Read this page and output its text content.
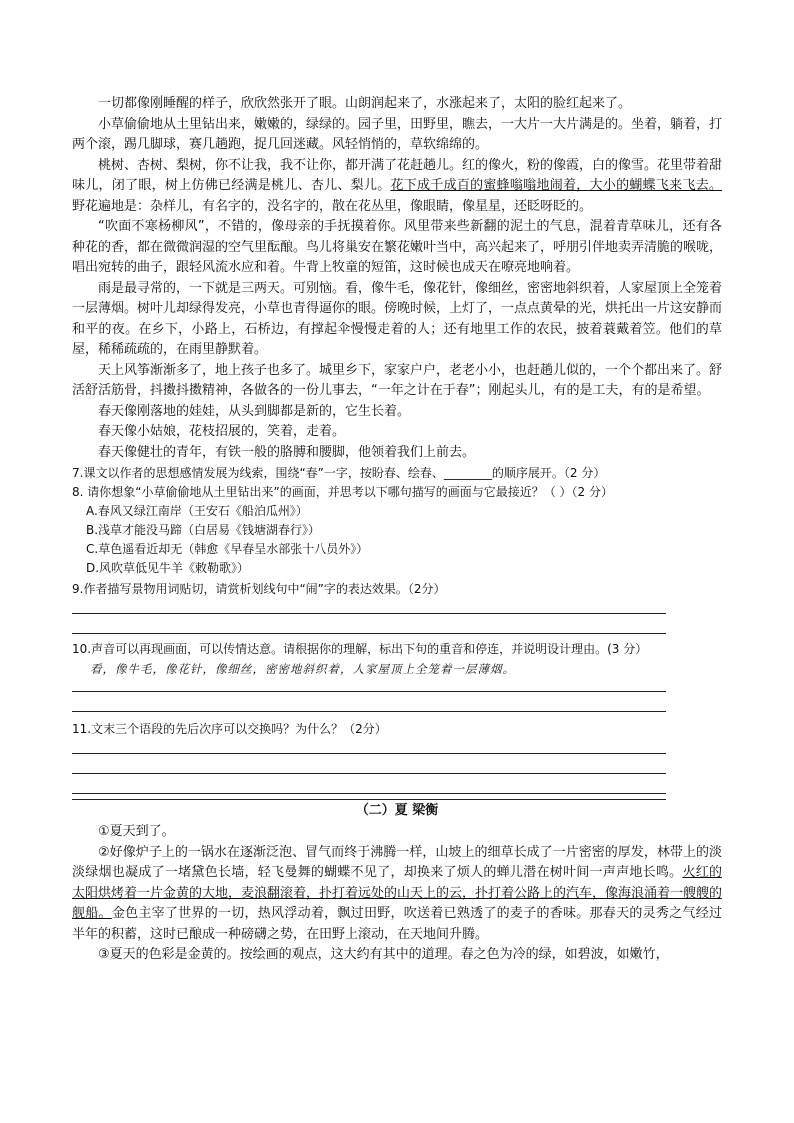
一切都像刚睡醒的样子，欣欣然张开了眼。山朗润起来了，水涨起来了，太阳的脸红起来了。

小草偷偷地从土里钻出来，嫩嫩的，绿绿的。园子里，田野里，瞧去，一大片一大片满是的。坐着，躺着，打两个滚，踢几脚球，赛几趟跑，捉几回迷藏。风轻悄悄的，草软绵绵的。

桃树、杏树、梨树，你不让我，我不让你，都开满了花赶趟儿。红的像火，粉的像霞，白的像雪。花里带着甜味儿，闭了眼，树上仿佛已经满是桃儿、杏儿、梨儿。花下成千成百的蜜蜂嗡嗡地闹着，大小的蝴蝶飞来飞去。野花遍地是：杂样儿，有名字的，没名字的，散在花丛里，像眼睛，像星星，还眨呀眨的。

“吹面不寒杨柳风”，不错的，像母亲的手抚摸着你。风里带来些新翻的泥土的气息，混着青草味儿，还有各种花的香，都在微微润湿的空气里酝酿。鸟儿将巢安在繁花嫩叶当中，高兴起来了，呼朋引伴地卖弄清脆的喉咙，唱出宛转的曲子，跟轻风流水应和着。牛背上牧童的短笛，这时候也成天在嘹亮地响着。

雨是最寻常的，一下就是三两天。可别恼。看，像牛毛，像花针，像细丝，密密地斜织着，人家屋顶上全笼着一层薄烟。树叶儿却绿得发亮，小草也青得逼你的眼。傍晚时候，上灯了，一点点黄晕的光，烘托出一片这安静而和平的夜。在乡下，小路上，石桥边，有撑起伞慢慢走着的人；还有地里工作的农民，披着蓑戴着笠。他们的草屋，稀稀疏疏的，在雨里静默着。

天上风筝渐渐多了，地上孩子也多了。城里乡下，家家户户，老老小小，也赶趟儿似的，一个个都出来了。舒活舒活筋骨，抖擞抖擞精神，各做各的一份儿事去，“一年之计在于春”；刚起头儿，有的是工夫，有的是希望。

春天像刚落地的娃娃，从头到脚都是新的，它生长着。

春天像小姑娘，花枝招展的，笑着，走着。

春天像健壮的青年，有铁一般的胳膊和腰脚，他领着我们上前去。

7.课文以作者的思想感情发展为线索，围绕“春”一字，按盼春、绘春、________的顺序展开。（2 分）

8. 请你想象“小草偷偷地从土里钻出来”的画面，并思考以下哪句描写的画面与它最接近？（ ）（2 分）

A.春风又绿江南岸（王安石《船泊瓜州》）

B.浅草才能没马蹄（白居易《钱塘湖春行》）

C.草色遥看近却无（韩愈《早春呈水部张十八员外》）

D.风吹草低见牛羊《敕勒歌》）

9.作者描写景物用词贴切，请赏析划线句中“闹”字的表达效果。（2分）

10.声音可以再现画面，可以传情达意。请根据你的理解，标出下句的重音和停连，并说明设计理由。(3 分）

看，像牛毛，像花针，像细丝，密密地斜织着，人家屋顶上全笼着一层薄烟。

11.文末三个语段的先后次序可以交换吗？为什么？（2分）

（二）夏 梁衡

①夏天到了。

②好像炉子上的一锅水在逐渐泛泡、冒气而终于沸腾一样，山坡上的细草长成了一片密密的厚发，林带上的淡淡绿烟也凝成了一堵黛色长墙，轻飞曼舞的蝴蝶不见了，却换来了烦人的蝉儿潜在树叶间一声声地长鸣。火红的太阳烘烤着一片金黄的大地，麦浪翻滚着，扑打着远处的山天上的云，扑打着公路上的汽车，像海浪涌着一艘艘的舰船。金色主宰了世界的一切，热风浮动着，飘过田野，吹送着已熟透了的麦子的香味。那春天的灵秀之气经过半年的积蓄，这时已酿成一种磅礴之势，在田野上滚动，在天地间升腾。

③夏天的色彩是金黄的。按绘画的观点，这大约有其中的道理。春之色为冷的绿，如碧波，如嫩竹，
